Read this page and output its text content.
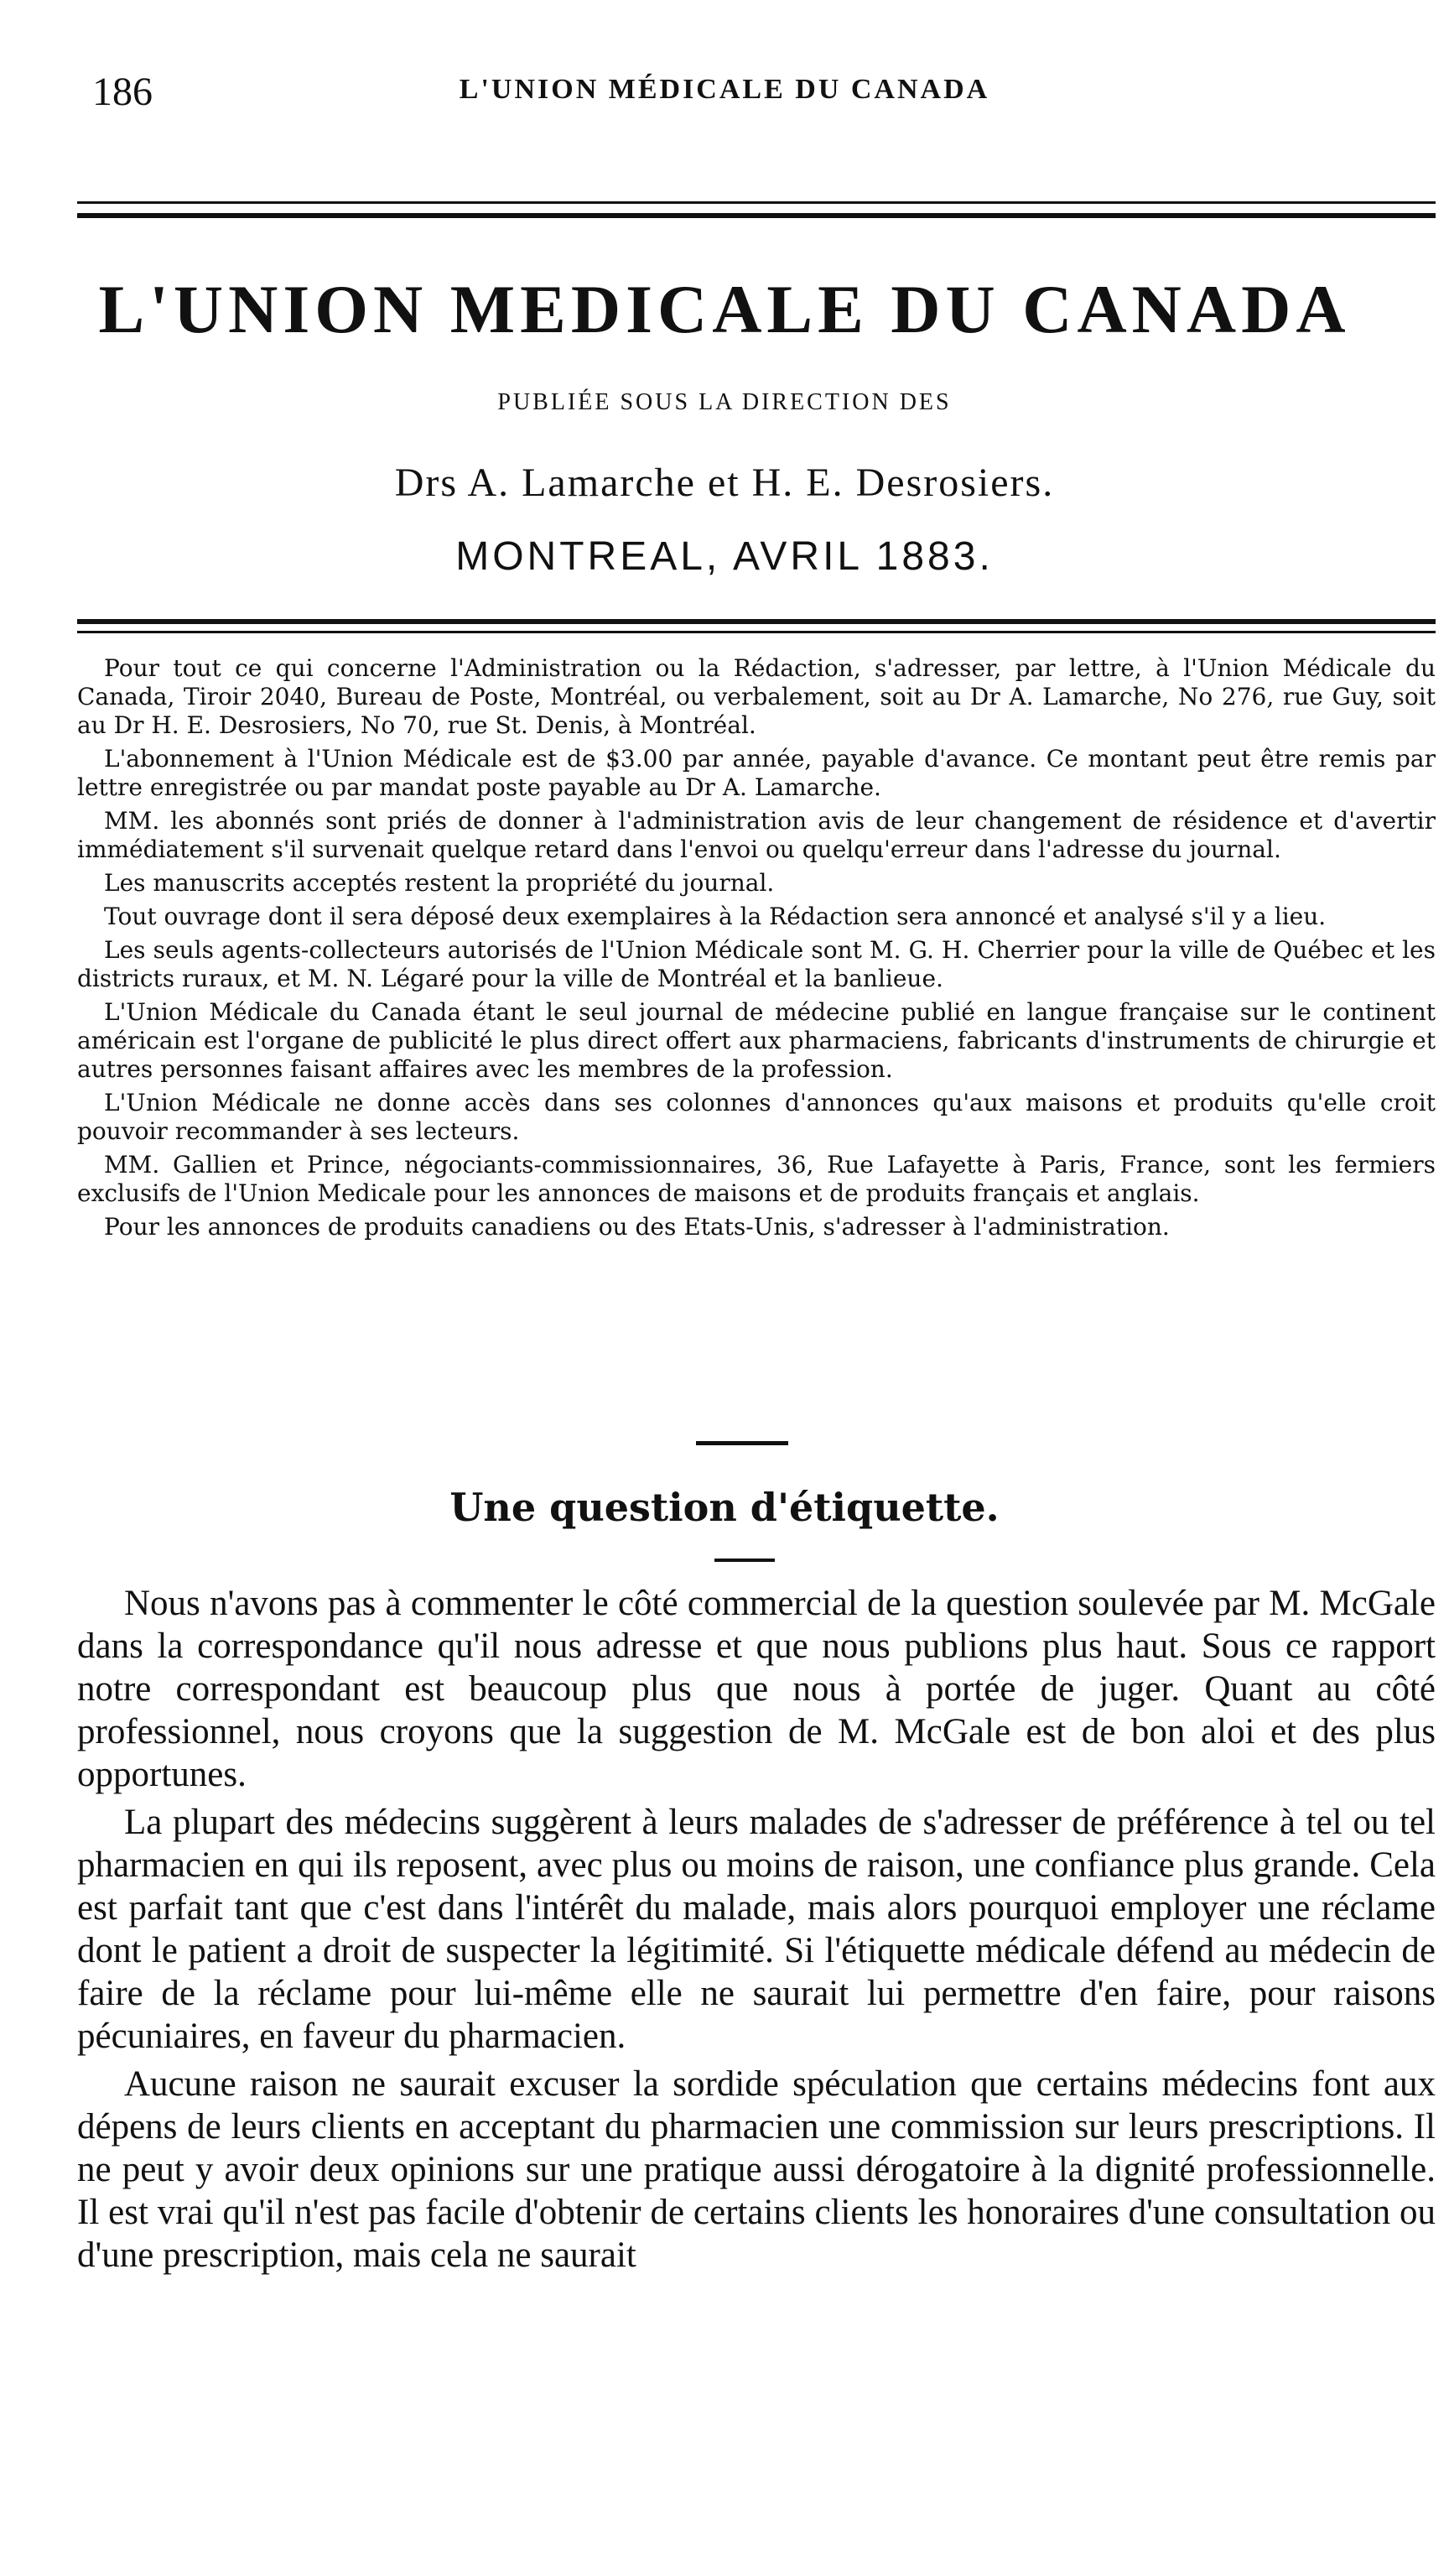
186	L'UNION MÉDICALE DU CANADA
L'UNION MEDICALE DU CANADA
PUBLIÉE SOUS LA DIRECTION DES
Drs A. Lamarche et H. E. Desrosiers.
MONTREAL, AVRIL 1883.

Pour tout ce qui concerne l'Administration ou la Rédaction, s'adresser, par lettre, à l'Union Médicale du Canada, Tiroir 2040, Bureau de Poste, Montréal, ou verbalement, soit au Dr A. Lamarche, No 276, rue Guy, soit au Dr H. E. Desrosiers, No 70, rue St. Denis, à Montréal.

L'abonnement à l'Union Médicale est de $3.00 par année, payable d'avance. Ce montant peut être remis par lettre enregistrée ou par mandat poste payable au Dr A. Lamarche.

MM. les abonnés sont priés de donner à l'administration avis de leur changement de résidence et d'avertir immédiatement s'il survenait quelque retard dans l'envoi ou quelqu'erreur dans l'adresse du journal.

Les manuscrits acceptés restent la propriété du journal.

Tout ouvrage dont il sera déposé deux exemplaires à la Rédaction sera annoncé et analysé s'il y a lieu.

Les seuls agents-collecteurs autorisés de l'Union Médicale sont M. G. H. Cherrier pour la ville de Québec et les districts ruraux, et M. N. Légaré pour la ville de Montréal et la banlieue.

L'Union Médicale du Canada étant le seul journal de médecine publié en langue française sur le continent américain est l'organe de publicité le plus direct offert aux pharmaciens, fabricants d'instruments de chirurgie et autres personnes faisant affaires avec les membres de la profession.

L'Union Médicale ne donne accès dans ses colonnes d'annonces qu'aux maisons et produits qu'elle croit pouvoir recommander à ses lecteurs.

MM. Gallien et Prince, négociants-commissionnaires, 36, Rue Lafayette à Paris, France, sont les fermiers exclusifs de l'Union Medicale pour les annonces de maisons et de produits français et anglais.

Pour les annonces de produits canadiens ou des Etats-Unis, s'adresser à l'administration.

Une question d'étiquette.

Nous n'avons pas à commenter le côté commercial de la question soulevée par M. McGale dans la correspondance qu'il nous adresse et que nous publions plus haut. Sous ce rapport notre correspondant est beaucoup plus que nous à portée de juger. Quant au côté professionnel, nous croyons que la suggestion de M. McGale est de bon aloi et des plus opportunes.

La plupart des médecins suggèrent à leurs malades de s'adresser de préférence à tel ou tel pharmacien en qui ils reposent, avec plus ou moins de raison, une confiance plus grande. Cela est parfait tant que c'est dans l'intérêt du malade, mais alors pourquoi employer une réclame dont le patient a droit de suspecter la légitimité. Si l'étiquette médicale défend au médecin de faire de la réclame pour lui-même elle ne saurait lui permettre d'en faire, pour raisons pécuniaires, en faveur du pharmacien.

Aucune raison ne saurait excuser la sordide spéculation que certains médecins font aux dépens de leurs clients en acceptant du pharmacien une commission sur leurs prescriptions. Il ne peut y avoir deux opinions sur une pratique aussi dérogatoire à la dignité professionnelle. Il est vrai qu'il n'est pas facile d'obtenir de certains clients les honoraires d'une consultation ou d'une prescription, mais cela ne saurait
